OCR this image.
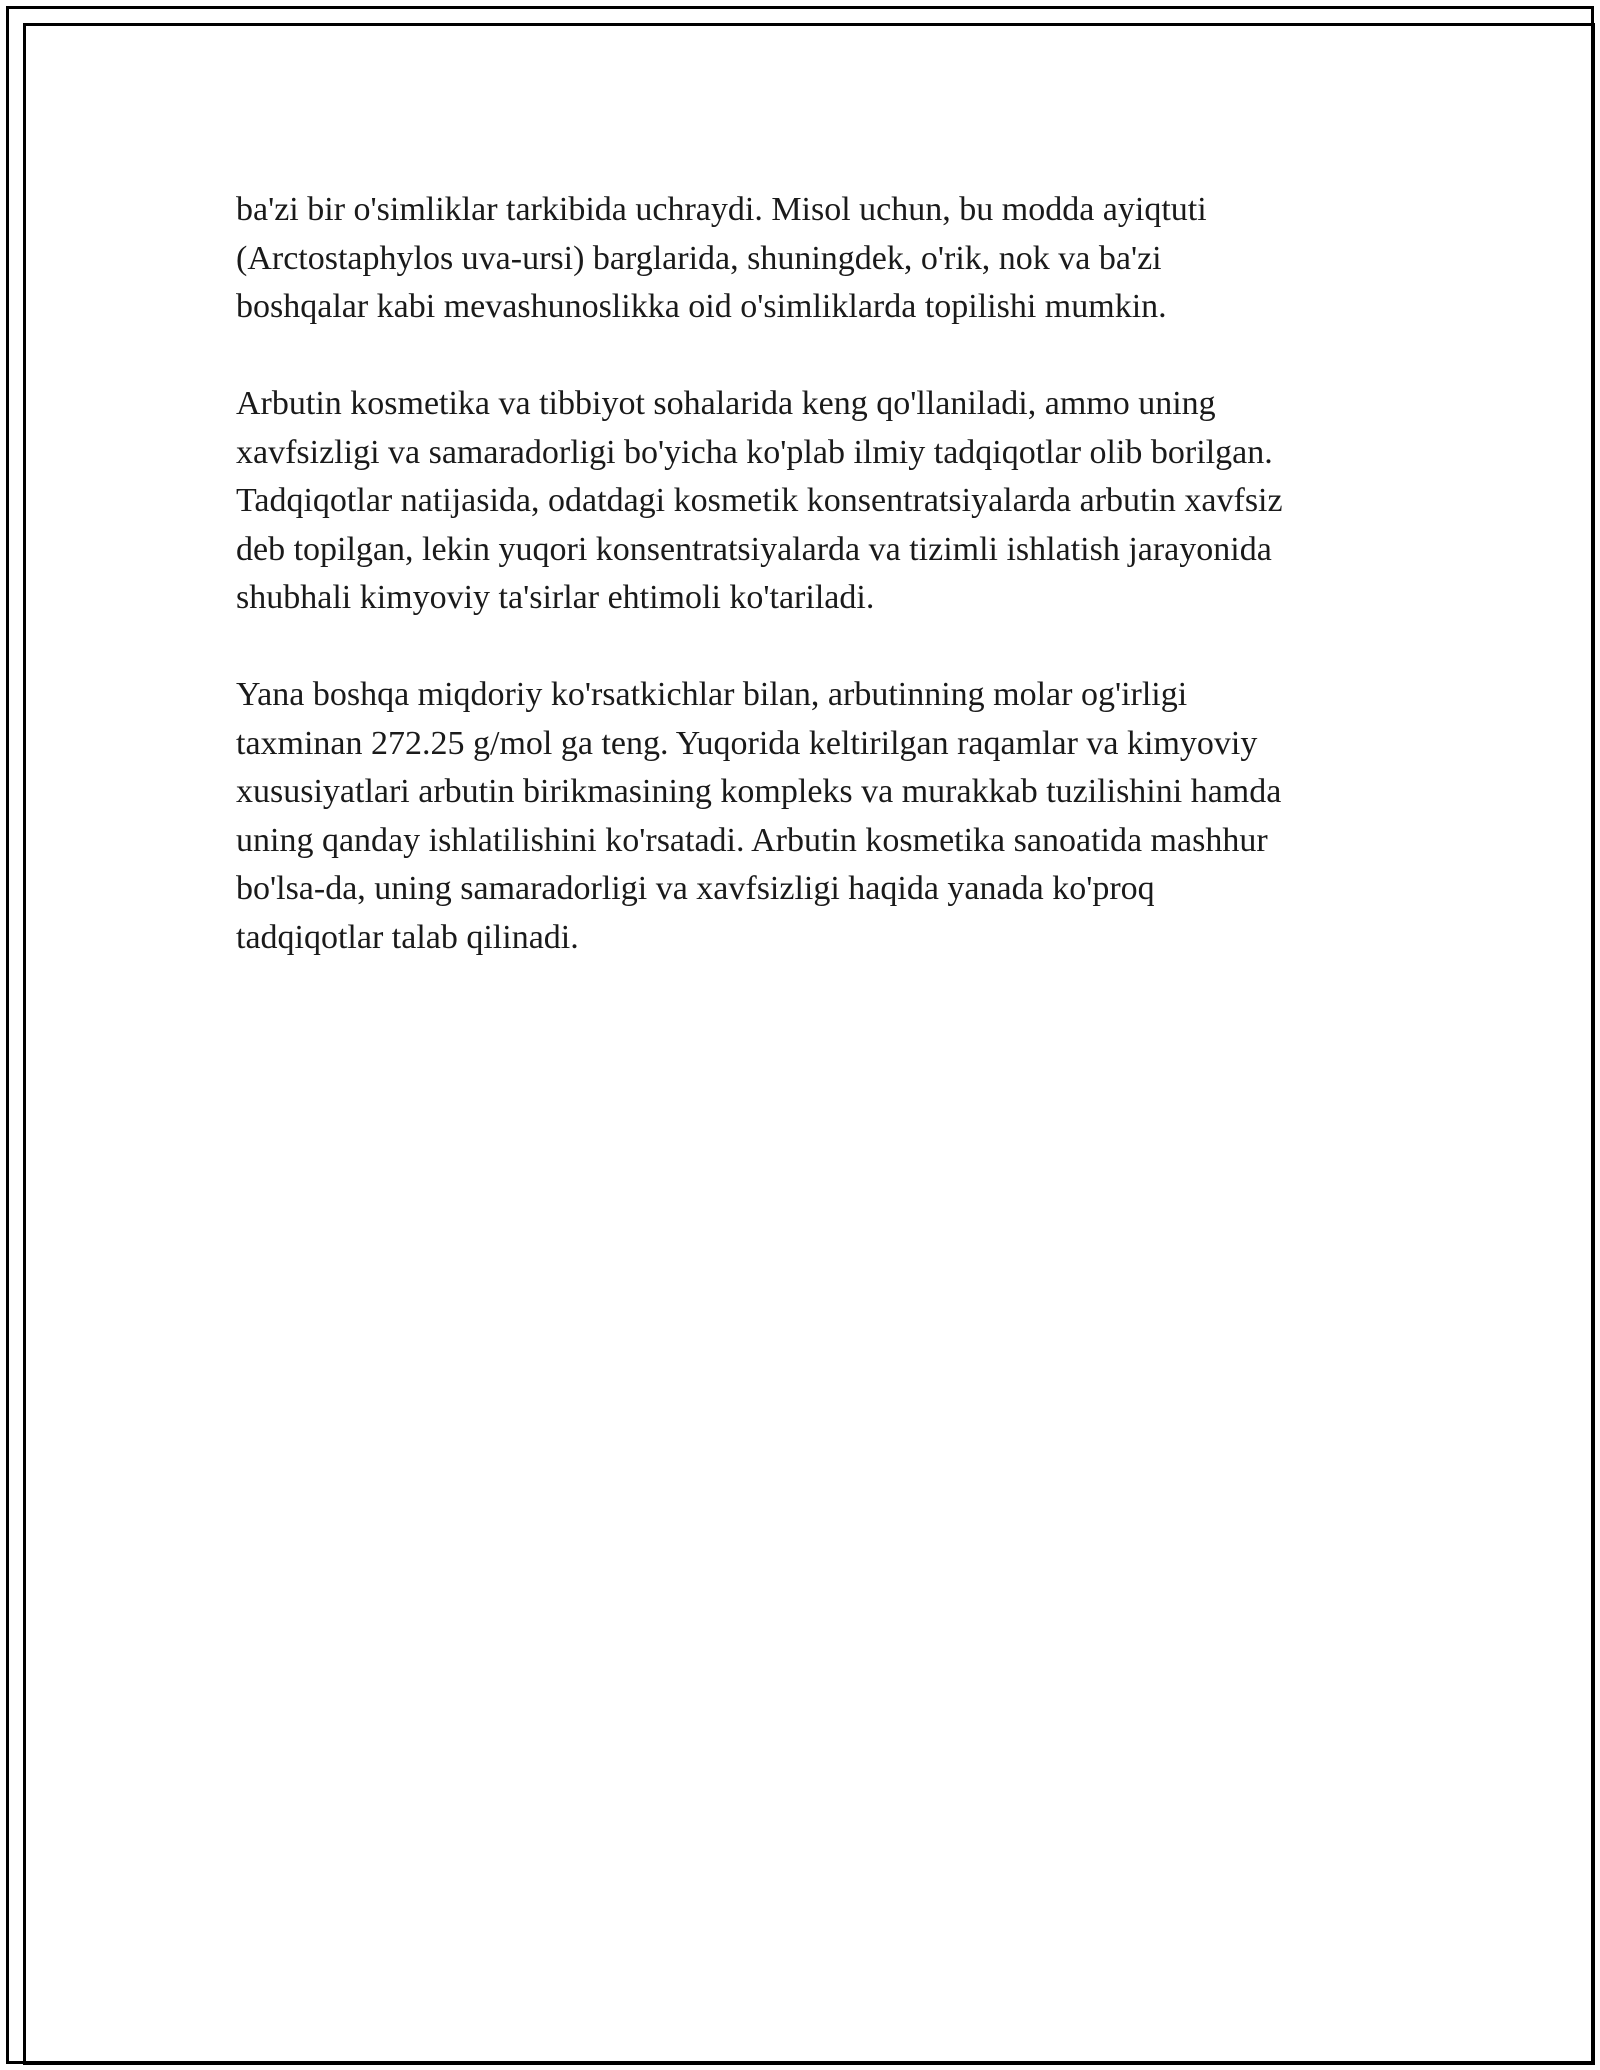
ba'zi bir o'simliklar tarkibida uchraydi. Misol uchun, bu modda ayiqtuti
(Arctostaphylos uva-ursi) barglarida, shuningdek, o'rik, nok va ba'zi
boshqalar kabi mevashunoslikka oid o'simliklarda topilishi mumkin.

Arbutin kosmetika va tibbiyot sohalarida keng qo'llaniladi, ammo uning
xavfsizligi va samaradorligi bo'yicha ko'plab ilmiy tadqiqotlar olib borilgan.
Tadqiqotlar natijasida, odatdagi kosmetik konsentratsiyalarda arbutin xavfsiz
deb topilgan, lekin yuqori konsentratsiyalarda va tizimli ishlatish jarayonida
shubhali kimyoviy ta'sirlar ehtimoli ko'tariladi.

Yana boshqa miqdoriy ko'rsatkichlar bilan, arbutinning molar og'irligi
taxminan 272.25 g/mol ga teng. Yuqorida keltirilgan raqamlar va kimyoviy
xususiyatlari arbutin birikmasining kompleks va murakkab tuzilishini hamda
uning qanday ishlatilishini ko'rsatadi. Arbutin kosmetika sanoatida mashhur
bo'lsa-da, uning samaradorligi va xavfsizligi haqida yanada ko'proq
tadqiqotlar talab qilinadi.
